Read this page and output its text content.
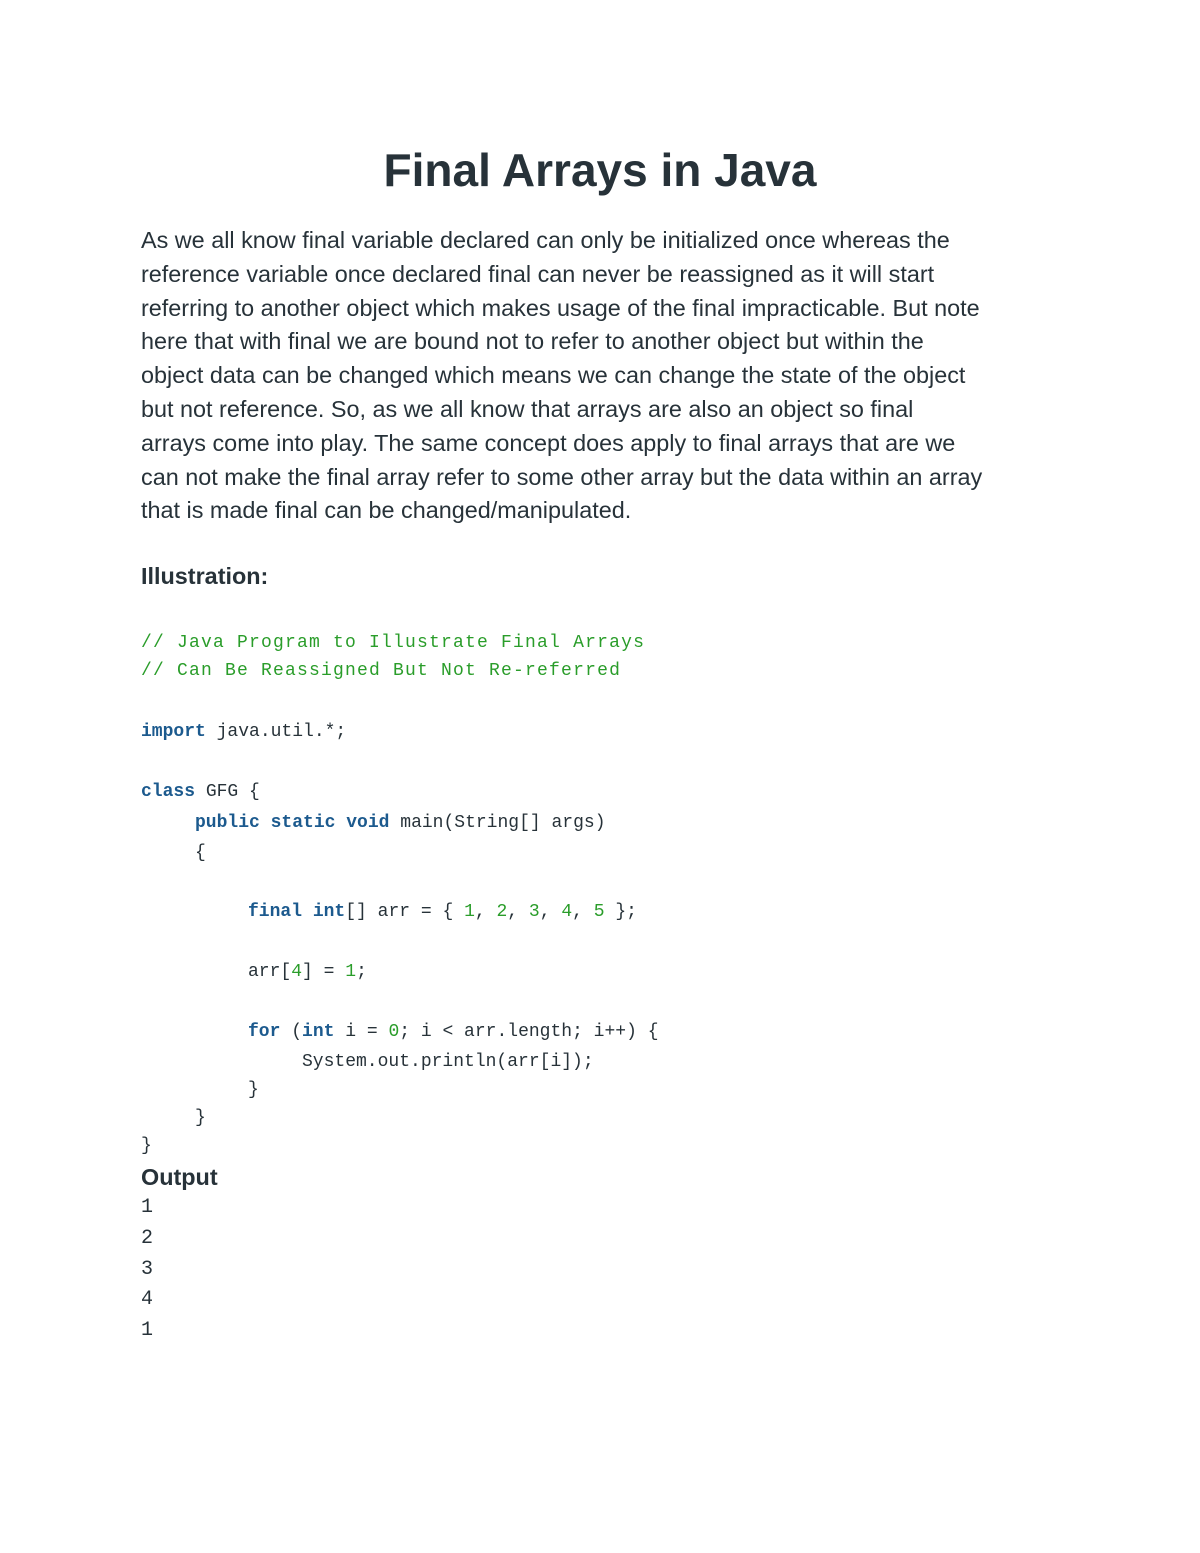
Final Arrays in Java

As we all know final variable declared can only be initialized once whereas the
reference variable once declared final can never be reassigned as it will start
referring to another object which makes usage of the final impracticable. But note
here that with final we are bound not to refer to another object but within the
object data can be changed which means we can change the state of the object
but not reference. So, as we all know that arrays are also an object so final
arrays come into play. The same concept does apply to final arrays that are we
can not make the final array refer to some other array but the data within an array
that is made final can be changed/manipulated.

Illustration:
// Java Program to Illustrate Final Arrays
// Can Be Reassigned But Not Re-referred
import java.util.*;
class GFG {
public static void main(String[] args)
{
final int[] arr = { 1, 2, 3, 4, 5 };
arr[4] = 1;
for (int i = 0; i < arr.length; i++) {
System.out.println(arr[i]);
}
}
}
Output
1
2
3
4
1
